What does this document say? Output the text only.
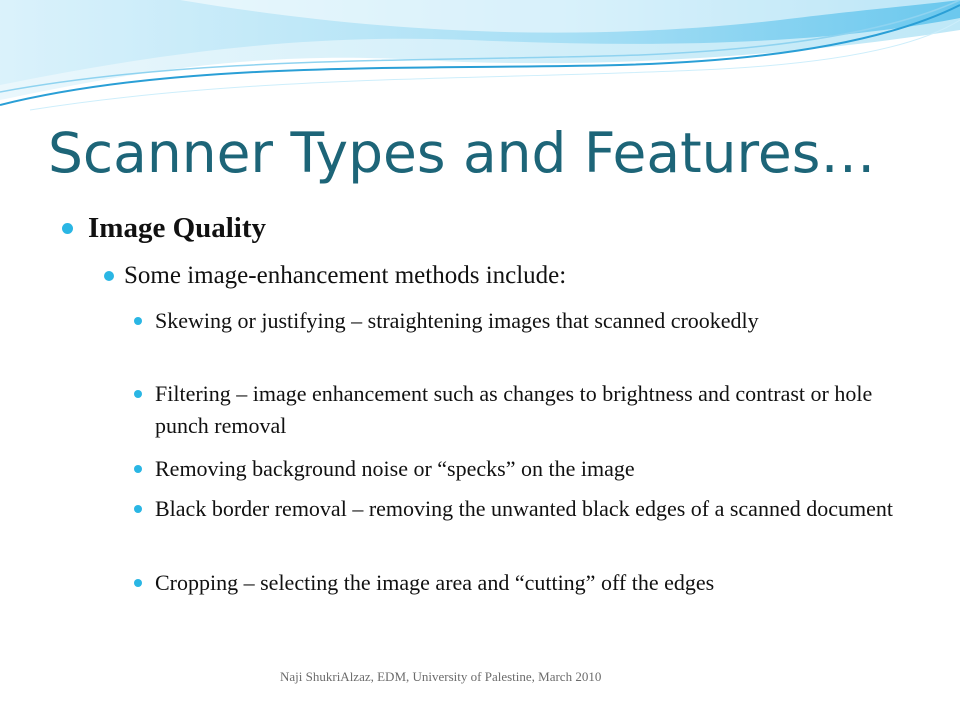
Scanner Types and Features…
Image Quality
Some image-enhancement methods include:
Skewing or justifying – straightening images that scanned crookedly
Filtering – image enhancement such as changes to brightness and contrast or hole punch removal
Removing background noise or “specks” on the image
Black border removal – removing the unwanted black edges of a scanned document
Cropping – selecting the image area and “cutting” off the edges
Naji ShukriAlzaz, EDM, University of Palestine, March 2010
